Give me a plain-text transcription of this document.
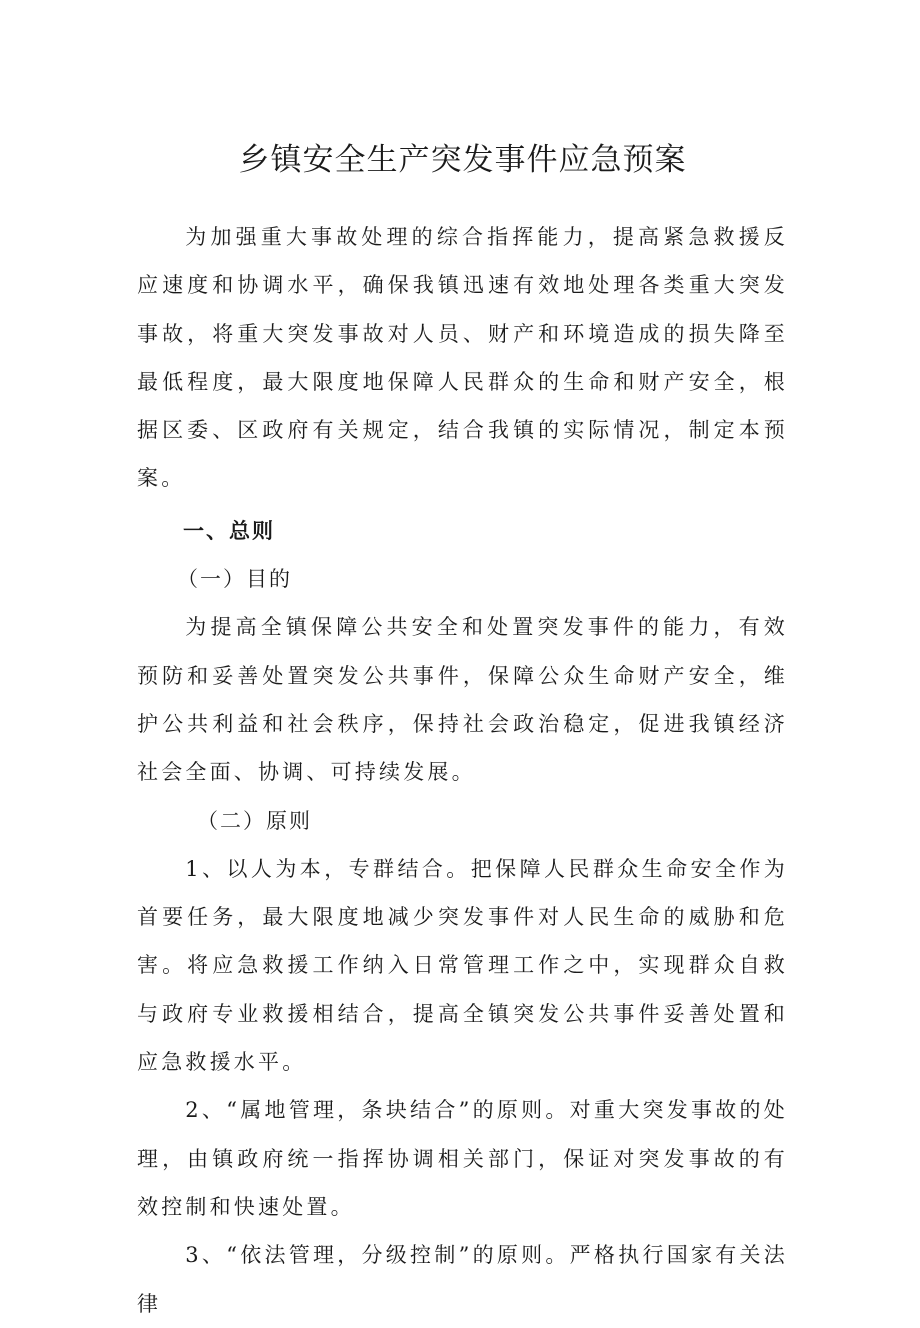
乡镇安全生产突发事件应急预案

为加强重大事故处理的综合指挥能力，提高紧急救援反应速度和协调水平，确保我镇迅速有效地处理各类重大突发事故，将重大突发事故对人员、财产和环境造成的损失降至最低程度，最大限度地保障人民群众的生命和财产安全，根据区委、区政府有关规定，结合我镇的实际情况，制定本预案。

一、总则

（一）目的

为提高全镇保障公共安全和处置突发事件的能力，有效预防和妥善处置突发公共事件，保障公众生命财产安全，维护公共利益和社会秩序，保持社会政治稳定，促进我镇经济社会全面、协调、可持续发展。

（二）原则

1、以人为本，专群结合。把保障人民群众生命安全作为首要任务，最大限度地减少突发事件对人民生命的威胁和危害。将应急救援工作纳入日常管理工作之中，实现群众自救与政府专业救援相结合，提高全镇突发公共事件妥善处置和应急救援水平。

2、“属地管理，条块结合”的原则。对重大突发事故的处理，由镇政府统一指挥协调相关部门，保证对突发事故的有效控制和快速处置。

3、“依法管理，分级控制”的原则。严格执行国家有关法律
